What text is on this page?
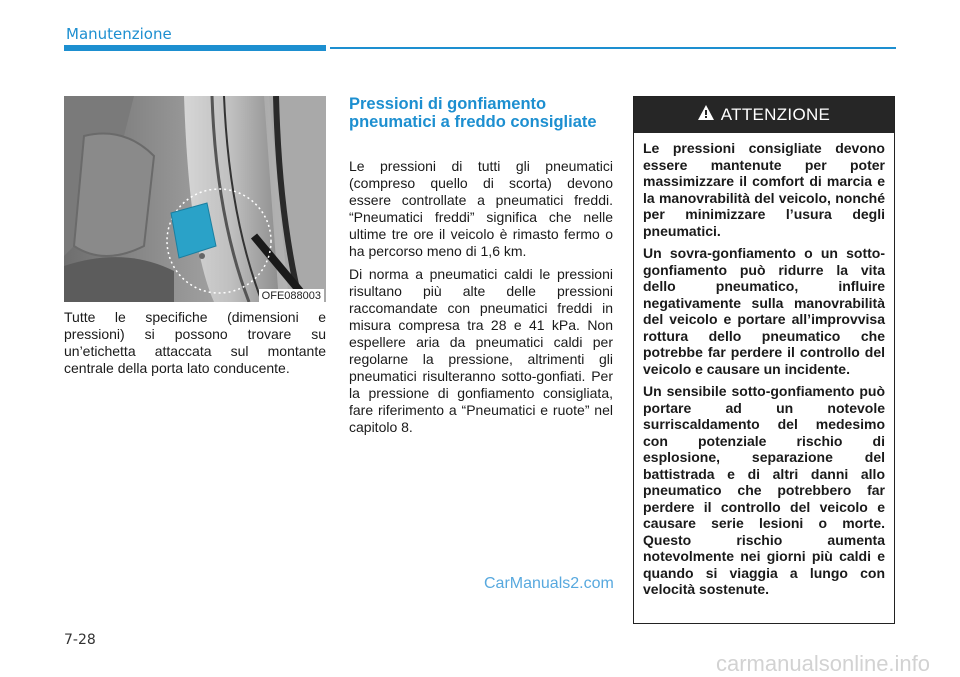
Manutenzione
OFE088003

Tutte le specifiche (dimensioni e pressioni) si possono trovare su un’etichetta attaccata sul montante centrale della porta lato conducente.

Pressioni di gonfiamento pneumatici a freddo consigliate

Le pressioni di tutti gli pneumatici (compreso quello di scorta) devono essere controllate a pneumatici freddi. “Pneumatici freddi” significa che nelle ultime tre ore il veicolo è rimasto fermo o ha percorso meno di 1,6 km.

Di norma a pneumatici caldi le pressioni risultano più alte delle pressioni raccomandate con pneumatici freddi in misura compresa tra 28 e 41 kPa. Non espellere aria da pneumatici caldi per regolarne la pressione, altrimenti gli pneumatici risulteranno sotto-gonfiati. Per la pressione di gonfiamento consigliata, fare riferimento a “Pneumatici e ruote” nel capitolo 8.

ATTENZIONE

Le pressioni consigliate devono essere mantenute per poter massimizzare il comfort di marcia e la manovrabilità del veicolo, nonché per minimizzare l’usura degli pneumatici.

Un sovra-gonfiamento o un sotto-gonfiamento può ridurre la vita dello pneumatico, influire negativamente sulla manovrabilità del veicolo e portare all’improvvisa rottura dello pneumatico che potrebbe far perdere il controllo del veicolo e causare un incidente.

Un sensibile sotto-gonfiamento può portare ad un notevole surriscaldamento del medesimo con potenziale rischio di esplosione, separazione del battistrada e di altri danni allo pneumatico che potrebbero far perdere il controllo del veicolo e causare serie lesioni o morte. Questo rischio aumenta notevolmente nei giorni più caldi e quando si viaggia a lungo con velocità sostenute.

CarManuals2.com
7-28
carmanualsonline.info
